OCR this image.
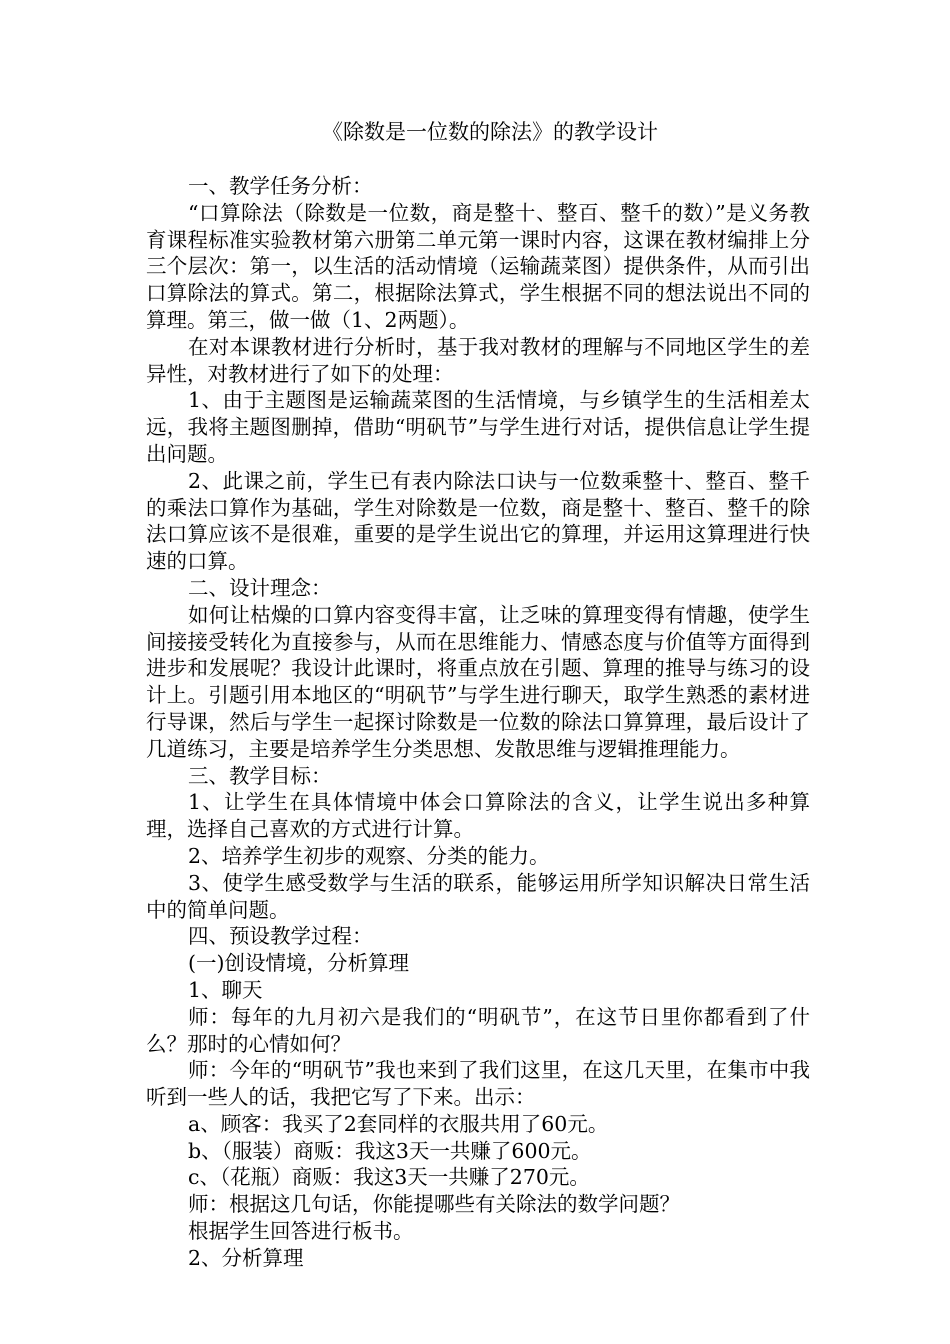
《除数是一位数的除法》的教学设计

一、教学任务分析：

“口算除法（除数是一位数，商是整十、整百、整千的数）”是义务教育课程标准实验教材第六册第二单元第一课时内容，这课在教材编排上分三个层次：第一，以生活的活动情境（运输蔬菜图）提供条件，从而引出口算除法的算式。第二，根据除法算式，学生根据不同的想法说出不同的算理。第三，做一做（1、2两题）。

在对本课教材进行分析时，基于我对教材的理解与不同地区学生的差异性，对教材进行了如下的处理：

1、由于主题图是运输蔬菜图的生活情境，与乡镇学生的生活相差太远，我将主题图删掉，借助“明矾节”与学生进行对话，提供信息让学生提出问题。

2、此课之前，学生已有表内除法口诀与一位数乘整十、整百、整千的乘法口算作为基础，学生对除数是一位数，商是整十、整百、整千的除法口算应该不是很难，重要的是学生说出它的算理，并运用这算理进行快速的口算。

二、设计理念：

如何让枯燥的口算内容变得丰富，让乏味的算理变得有情趣，使学生间接接受转化为直接参与，从而在思维能力、情感态度与价值等方面得到进步和发展呢？我设计此课时，将重点放在引题、算理的推导与练习的设计上。引题引用本地区的“明矾节”与学生进行聊天，取学生熟悉的素材进行导课，然后与学生一起探讨除数是一位数的除法口算算理，最后设计了几道练习，主要是培养学生分类思想、发散思维与逻辑推理能力。

三、教学目标：

1、让学生在具体情境中体会口算除法的含义，让学生说出多种算理，选择自己喜欢的方式进行计算。

2、培养学生初步的观察、分类的能力。

3、使学生感受数学与生活的联系，能够运用所学知识解决日常生活中的简单问题。

四、预设教学过程：

(一)创设情境，分析算理

1、聊天

师：每年的九月初六是我们的“明矾节”，在这节日里你都看到了什么？那时的心情如何？

师：今年的“明矾节”我也来到了我们这里，在这几天里，在集市中我听到一些人的话，我把它写了下来。出示：

a、顾客：我买了2套同样的衣服共用了60元。

b、（服装）商贩：我这3天一共赚了600元。

c、（花瓶）商贩：我这3天一共赚了270元。

师：根据这几句话，你能提哪些有关除法的数学问题？

根据学生回答进行板书。

2、分析算理
